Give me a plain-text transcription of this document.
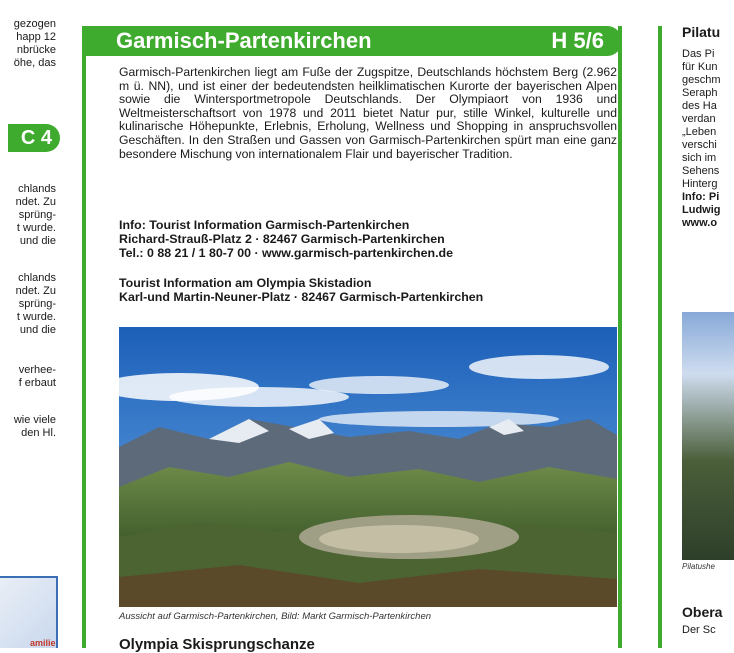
gezogen
happ 12
nbrücke
öhe, das
C 4
chlands
ndet. Zu
sprüng-
t wurde.
und die
chlands
ndet. Zu
sprüng-
t wurde.
und die
verhee-
f erbaut
wie viele
den Hl.
amilie
Garmisch-Partenkirchen	H 5/6
Garmisch-Partenkirchen liegt am Fuße der Zugspitze, Deutschlands höchstem Berg (2.962 m ü. NN), und ist einer der bedeutendsten heilklimatischen Kurorte der bayerischen Alpen sowie die Wintersportmetropole Deutschlands. Der Olympiaort von 1936 und Weltmeisterschaftsort von 1978 und 2011 bietet Natur pur, stille Winkel, kulturelle und kulinarische Höhepunkte, Erlebnis, Erholung, Wellness und Shopping in anspruchsvollen Geschäften. In den Straßen und Gassen von Garmisch-Partenkirchen spürt man eine ganz besondere Mischung von internationalem Flair und bayerischer Tradition.
Info: Tourist Information Garmisch-Partenkirchen
Richard-Strauß-Platz 2 · 82467 Garmisch-Partenkirchen
Tel.: 0 88 21 / 1 80-7 00 · www.garmisch-partenkirchen.de
Tourist Information am Olympia Skistadion
Karl-und Martin-Neuner-Platz · 82467 Garmisch-Partenkirchen
Aussicht auf Garmisch-Partenkirchen, Bild: Markt Garmisch-Partenkirchen
Olympia Skisprungschanze
Pilatu
Das Pi
für Kun
geschm
Seraph
des Ha
verdan
„Leben
verschi
sich im
Sehens
Hinterg
Info: Pi
Ludwig
www.o
Pilatushe
Obera
Der Sc
